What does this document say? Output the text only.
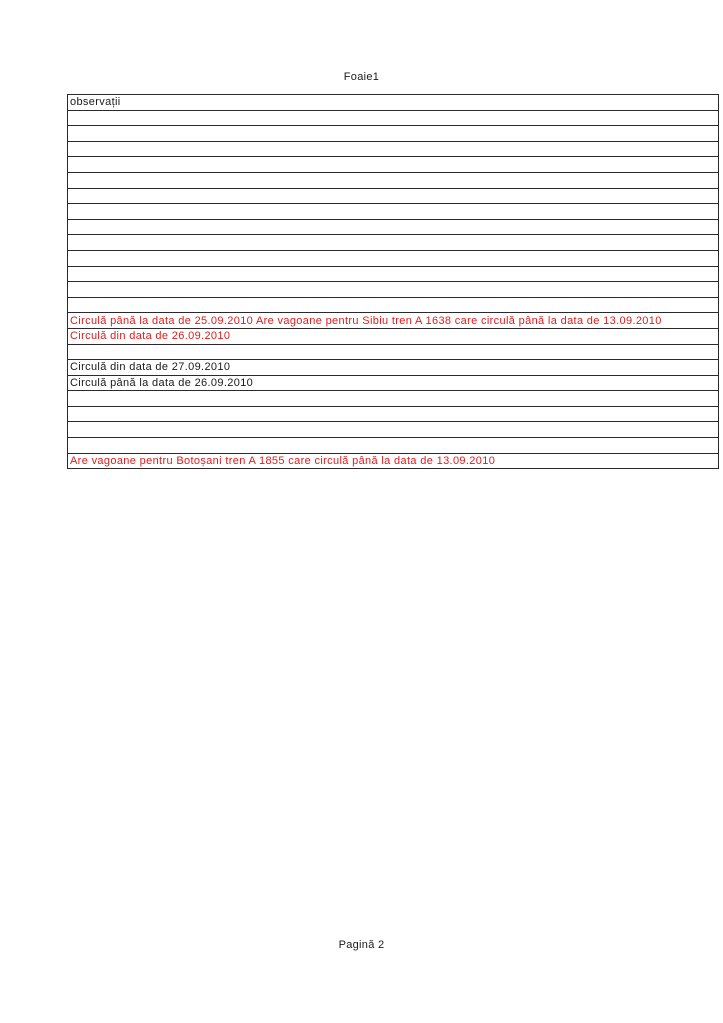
Foaie1
observații

Circulă până la data de 25.09.2010 Are vagoane pentru Sibiu tren A 1638 care circulă până la data de 13.09.2010
Circulă din data de 26.09.2010

Circulă din data de 27.09.2010
Circulă până la data de 26.09.2010

Are vagoane pentru Botoșani tren A 1855 care circulă până la data de 13.09.2010
Pagină 2
